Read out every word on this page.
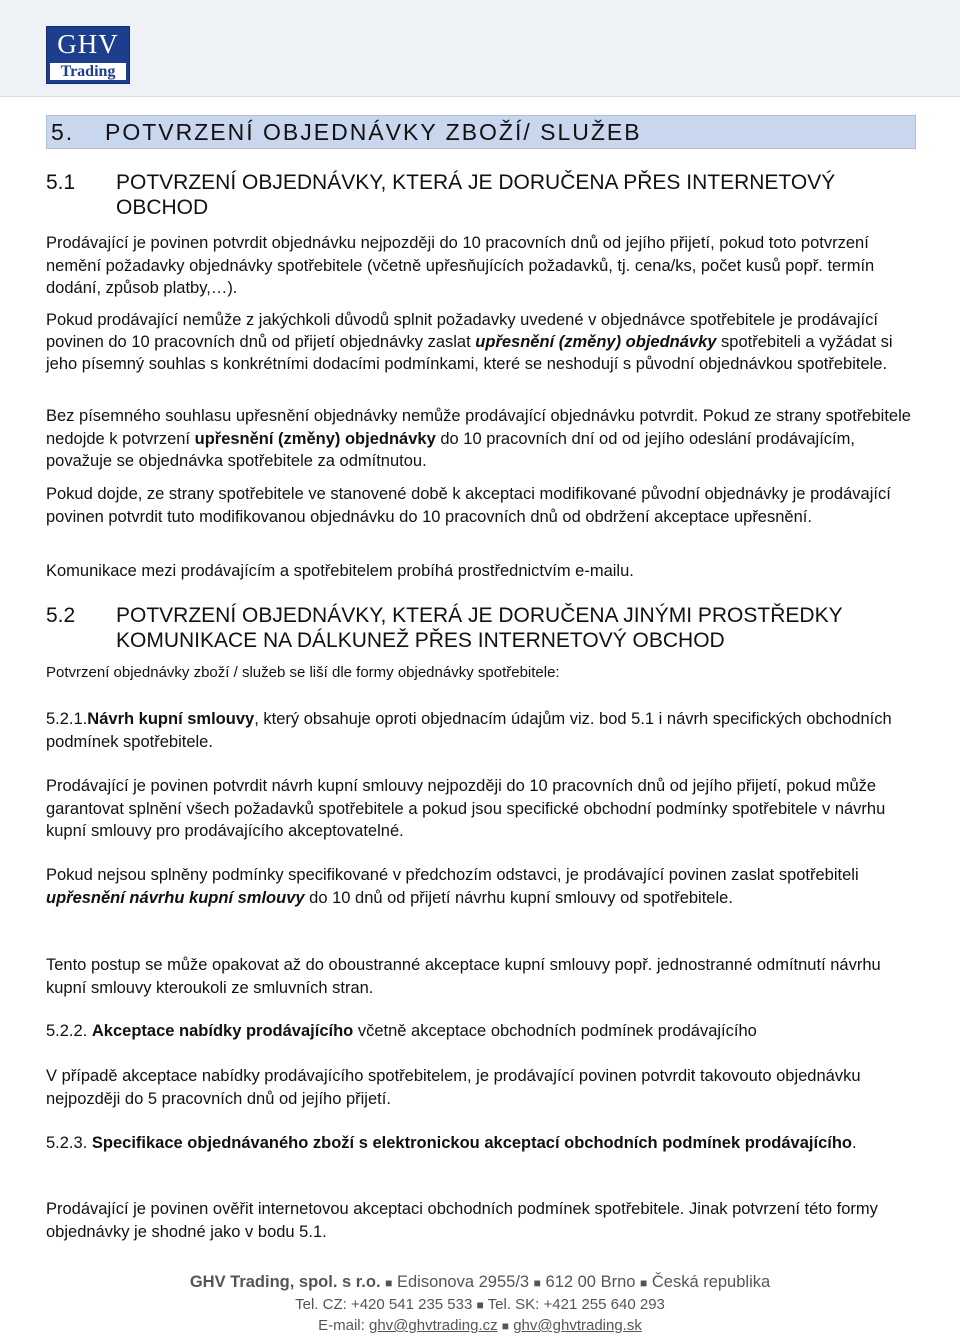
GHV
Trading
5. POTVRZENÍ OBJEDNÁVKY ZBOŽÍ/ SLUŽEB
5.1 POTVRZENÍ OBJEDNÁVKY, KTERÁ JE DORUČENA PŘES INTERNETOVÝ OBCHOD

Prodávající je povinen potvrdit objednávku nejpozději do 10 pracovních dnů od jejího přijetí, pokud toto potvrzení nemění požadavky objednávky spotřebitele (včetně upřesňujících požadavků, tj. cena/ks, počet kusů popř. termín dodání, způsob platby,…).

Pokud prodávající nemůže z jakýchkoli důvodů splnit požadavky uvedené v objednávce spotřebitele je prodávající povinen do 10 pracovních dnů od přijetí objednávky zaslat upřesnění (změny) objednávky spotřebiteli a vyžádat si jeho písemný souhlas s konkrétními dodacími podmínkami, které se neshodují s původní objednávkou spotřebitele.

Bez písemného souhlasu upřesnění objednávky nemůže prodávající objednávku potvrdit. Pokud ze strany spotřebitele nedojde k potvrzení upřesnění (změny) objednávky do 10 pracovních dní od od jejího odeslání prodávajícím, považuje se objednávka spotřebitele za odmítnutou.

Pokud dojde, ze strany spotřebitele ve stanovené době k akceptaci modifikované původní objednávky je prodávající povinen potvrdit tuto modifikovanou objednávku do 10 pracovních dnů od obdržení akceptace upřesnění.

Komunikace mezi prodávajícím a spotřebitelem probíhá prostřednictvím e-mailu.

5.2 POTVRZENÍ OBJEDNÁVKY, KTERÁ JE DORUČENA JINÝMI PROSTŘEDKY KOMUNIKACE NA DÁLKUNEŽ PŘES INTERNETOVÝ OBCHOD

Potvrzení objednávky zboží / služeb se liší dle formy objednávky spotřebitele:

5.2.1.Návrh kupní smlouvy, který obsahuje oproti objednacím údajům viz. bod 5.1 i návrh specifických obchodních podmínek spotřebitele.

Prodávající je povinen potvrdit návrh kupní smlouvy nejpozději do 10 pracovních dnů od jejího přijetí, pokud může garantovat splnění všech požadavků spotřebitele a pokud jsou specifické obchodní podmínky spotřebitele v návrhu kupní smlouvy pro prodávajícího akceptovatelné.

Pokud nejsou splněny podmínky specifikované v předchozím odstavci, je prodávající povinen zaslat spotřebiteli upřesnění návrhu kupní smlouvy do 10 dnů od přijetí návrhu kupní smlouvy od spotřebitele.

Tento postup se může opakovat až do oboustranné akceptace kupní smlouvy popř. jednostranné odmítnutí návrhu kupní smlouvy kteroukoli ze smluvních stran.

5.2.2. Akceptace nabídky prodávajícího včetně akceptace obchodních podmínek prodávajícího

V případě akceptace nabídky prodávajícího spotřebitelem, je prodávající povinen potvrdit takovouto objednávku nejpozději do 5 pracovních dnů od jejího přijetí.

5.2.3. Specifikace objednávaného zboží s elektronickou akceptací obchodních podmínek prodávajícího.

Prodávající je povinen ověřit internetovou akceptaci obchodních podmínek spotřebitele. Jinak potvrzení této formy objednávky je shodné jako v bodu 5.1.

GHV Trading, spol. s r.o. ■ Edisonova 2955/3 ■ 612 00 Brno ■ Česká republika
Tel. CZ: +420 541 235 533 ■ Tel. SK: +421 255 640 293
E-mail: ghv@ghvtrading.cz ■ ghv@ghvtrading.sk
